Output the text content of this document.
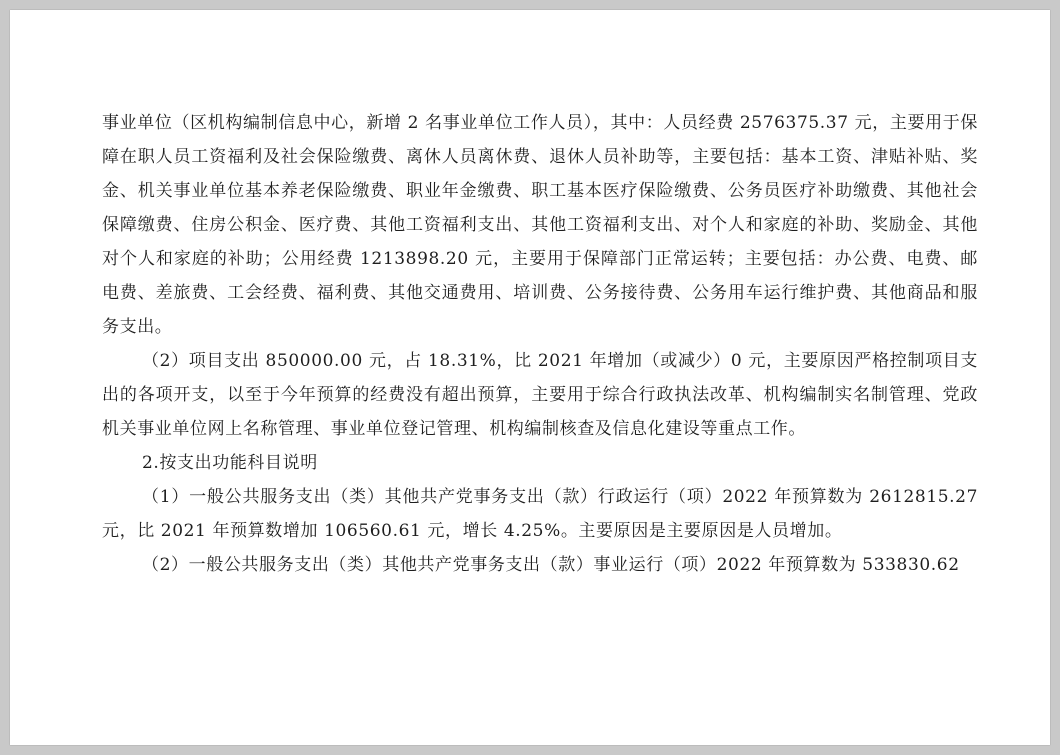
事业单位（区机构编制信息中心，新增 2 名事业单位工作人员），其中：人员经费 2576375.37 元，主要用于保障在职人员工资福利及社会保险缴费、离休人员离休费、退休人员补助等，主要包括：基本工资、津贴补贴、奖金、机关事业单位基本养老保险缴费、职业年金缴费、职工基本医疗保险缴费、公务员医疗补助缴费、其他社会保障缴费、住房公积金、医疗费、其他工资福利支出、其他工资福利支出、对个人和家庭的补助、奖励金、其他对个人和家庭的补助；公用经费 1213898.20 元，主要用于保障部门正常运转；主要包括：办公费、电费、邮电费、差旅费、工会经费、福利费、其他交通费用、培训费、公务接待费、公务用车运行维护费、其他商品和服务支出。

（2）项目支出 850000.00 元，占 18.31%，比 2021 年增加（或减少）0 元，主要原因严格控制项目支出的各项开支，以至于今年预算的经费没有超出预算，主要用于综合行政执法改革、机构编制实名制管理、党政机关事业单位网上名称管理、事业单位登记管理、机构编制核查及信息化建设等重点工作。

2.按支出功能科目说明

（1）一般公共服务支出（类）其他共产党事务支出（款）行政运行（项）2022 年预算数为 2612815.27 元，比 2021 年预算数增加 106560.61 元，增长 4.25%。主要原因是主要原因是人员增加。

（2）一般公共服务支出（类）其他共产党事务支出（款）事业运行（项）2022 年预算数为 533830.62
